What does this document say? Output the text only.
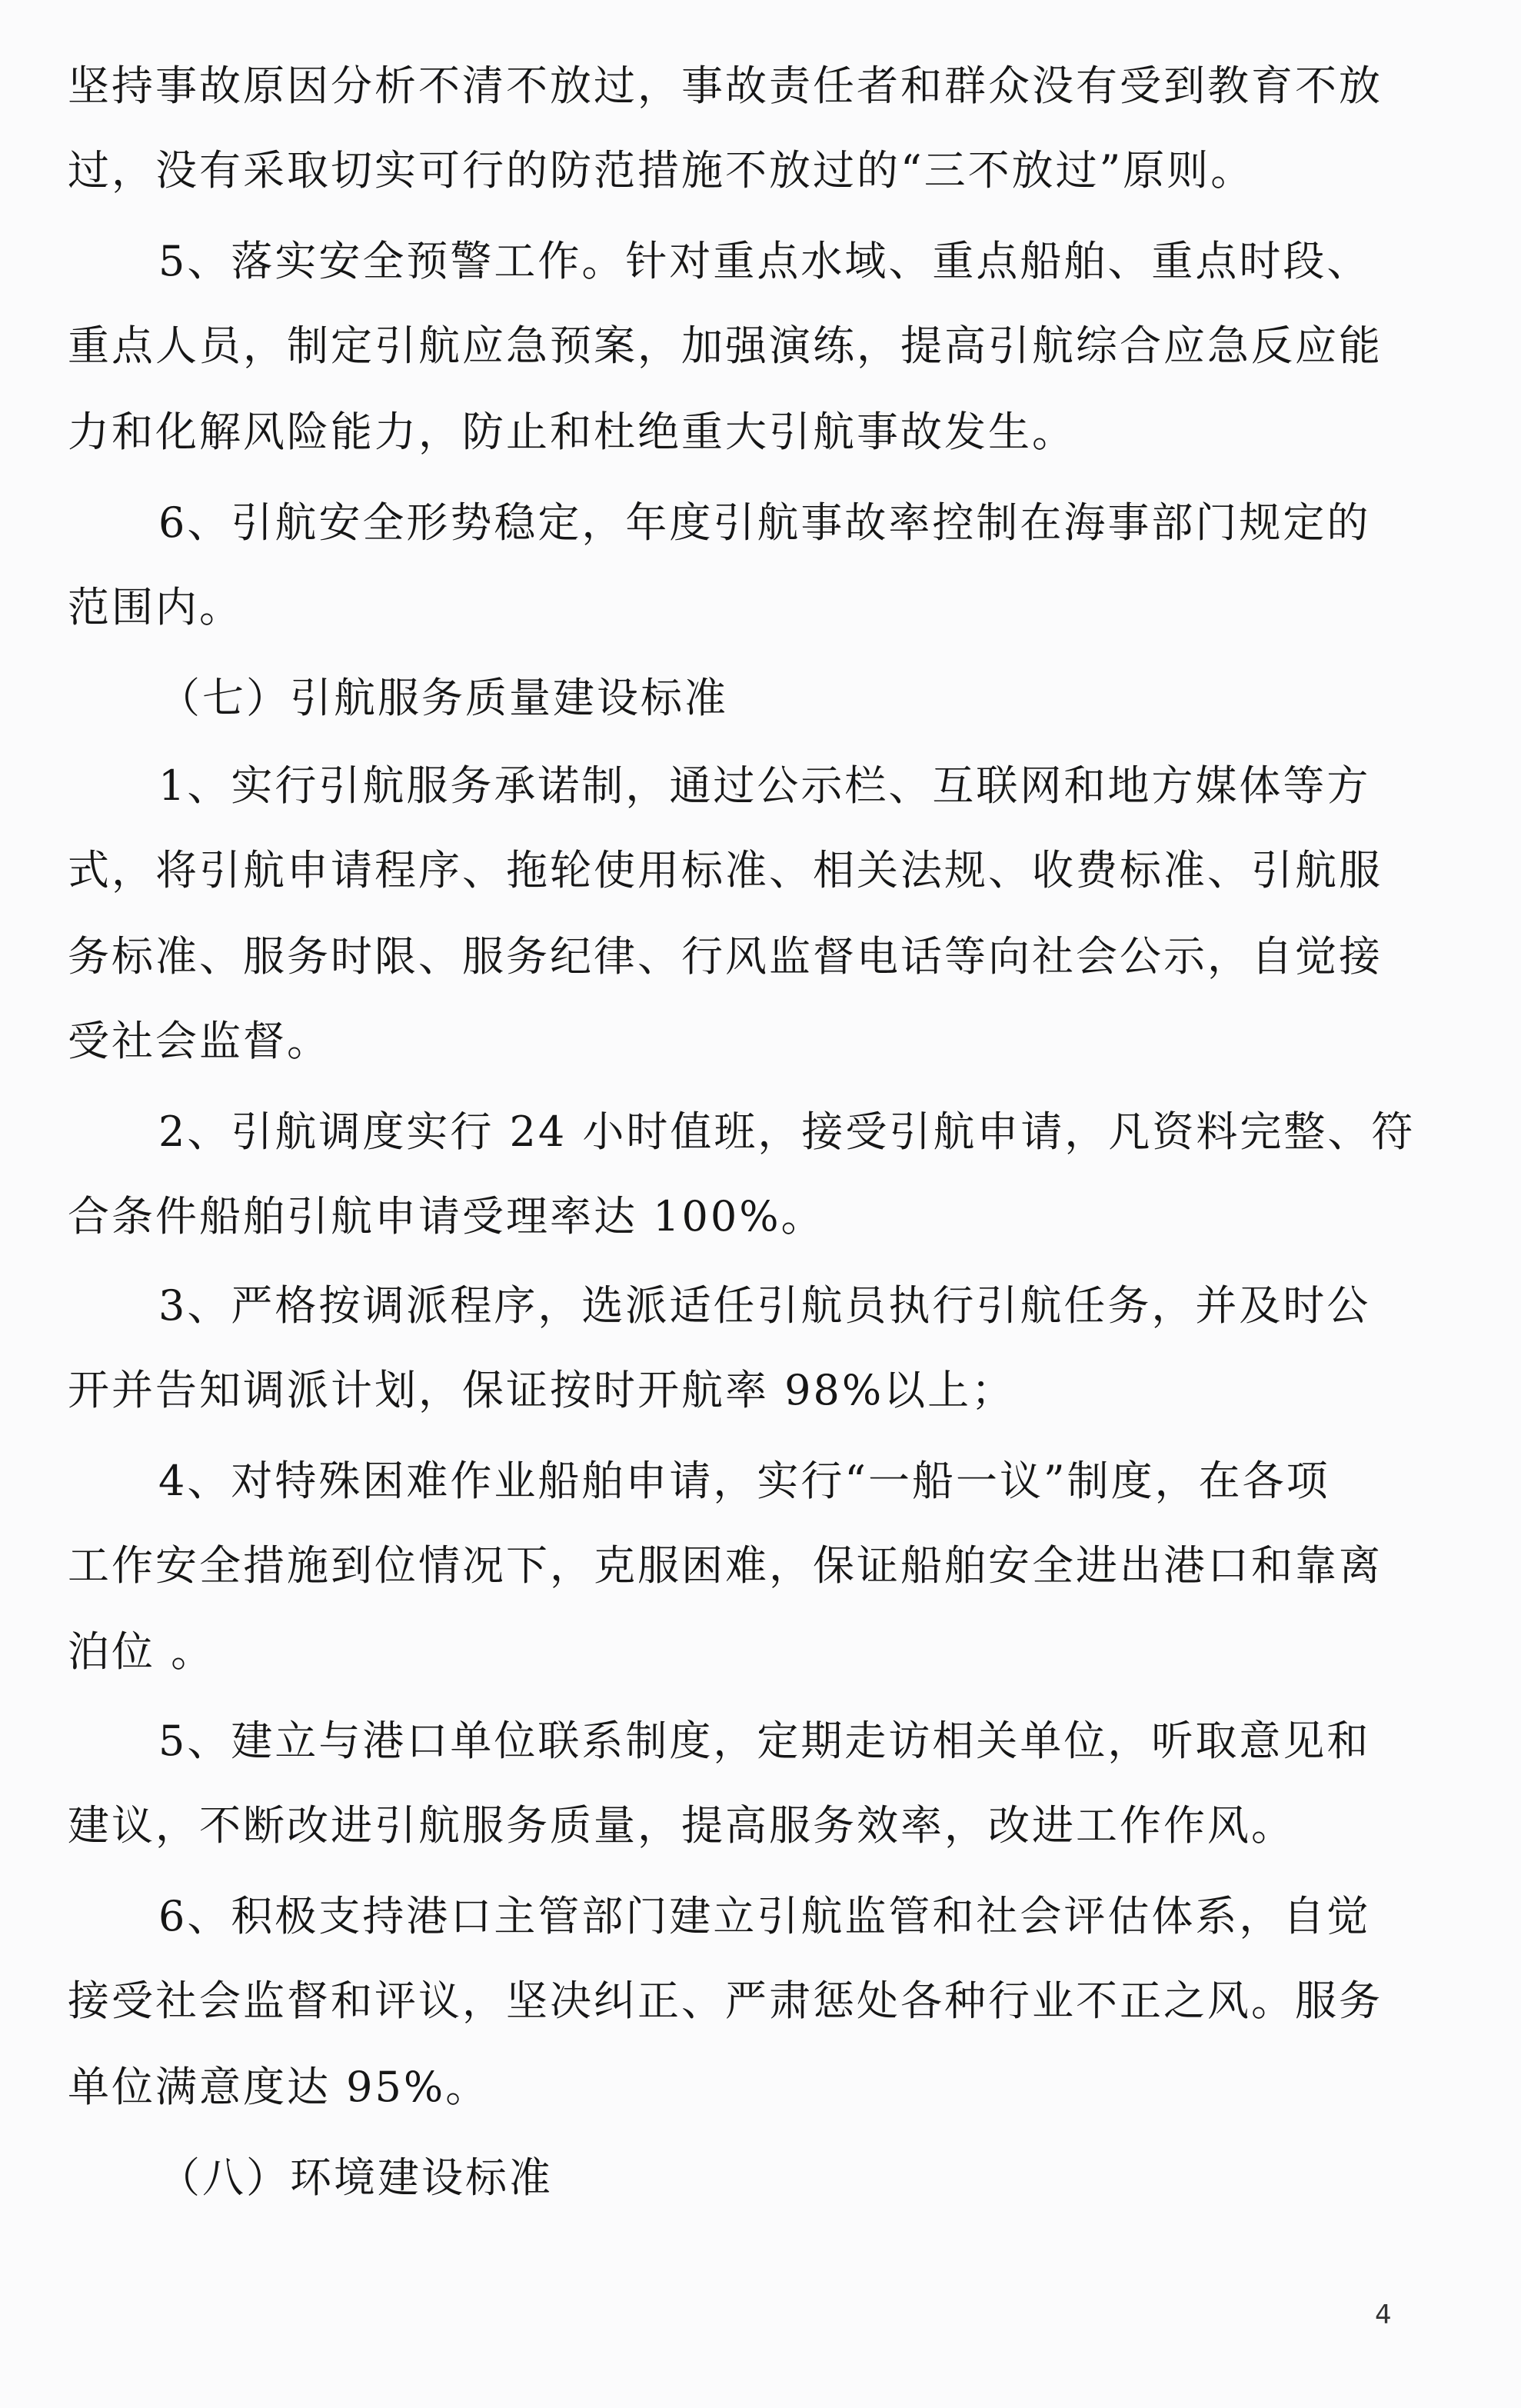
坚持事故原因分析不清不放过，事故责任者和群众没有受到教育不放
过，没有采取切实可行的防范措施不放过的“三不放过”原则。
5、落实安全预警工作。针对重点水域、重点船舶、重点时段、
重点人员，制定引航应急预案，加强演练，提高引航综合应急反应能
力和化解风险能力，防止和杜绝重大引航事故发生。
6、引航安全形势稳定，年度引航事故率控制在海事部门规定的
范围内。
（七）引航服务质量建设标准
1、实行引航服务承诺制，通过公示栏、互联网和地方媒体等方
式，将引航申请程序、拖轮使用标准、相关法规、收费标准、引航服
务标准、服务时限、服务纪律、行风监督电话等向社会公示，自觉接
受社会监督。
2、引航调度实行 24 小时值班，接受引航申请，凡资料完整、符
合条件船舶引航申请受理率达 100%。
3、严格按调派程序，选派适任引航员执行引航任务，并及时公
开并告知调派计划，保证按时开航率 98%以上；
4、对特殊困难作业船舶申请，实行“一船一议”制度，在各项
工作安全措施到位情况下，克服困难，保证船舶安全进出港口和靠离
泊位 。
5、建立与港口单位联系制度，定期走访相关单位，听取意见和
建议，不断改进引航服务质量，提高服务效率，改进工作作风。
6、积极支持港口主管部门建立引航监管和社会评估体系，自觉
接受社会监督和评议，坚决纠正、严肃惩处各种行业不正之风。服务
单位满意度达 95%。
（八）环境建设标准
4
